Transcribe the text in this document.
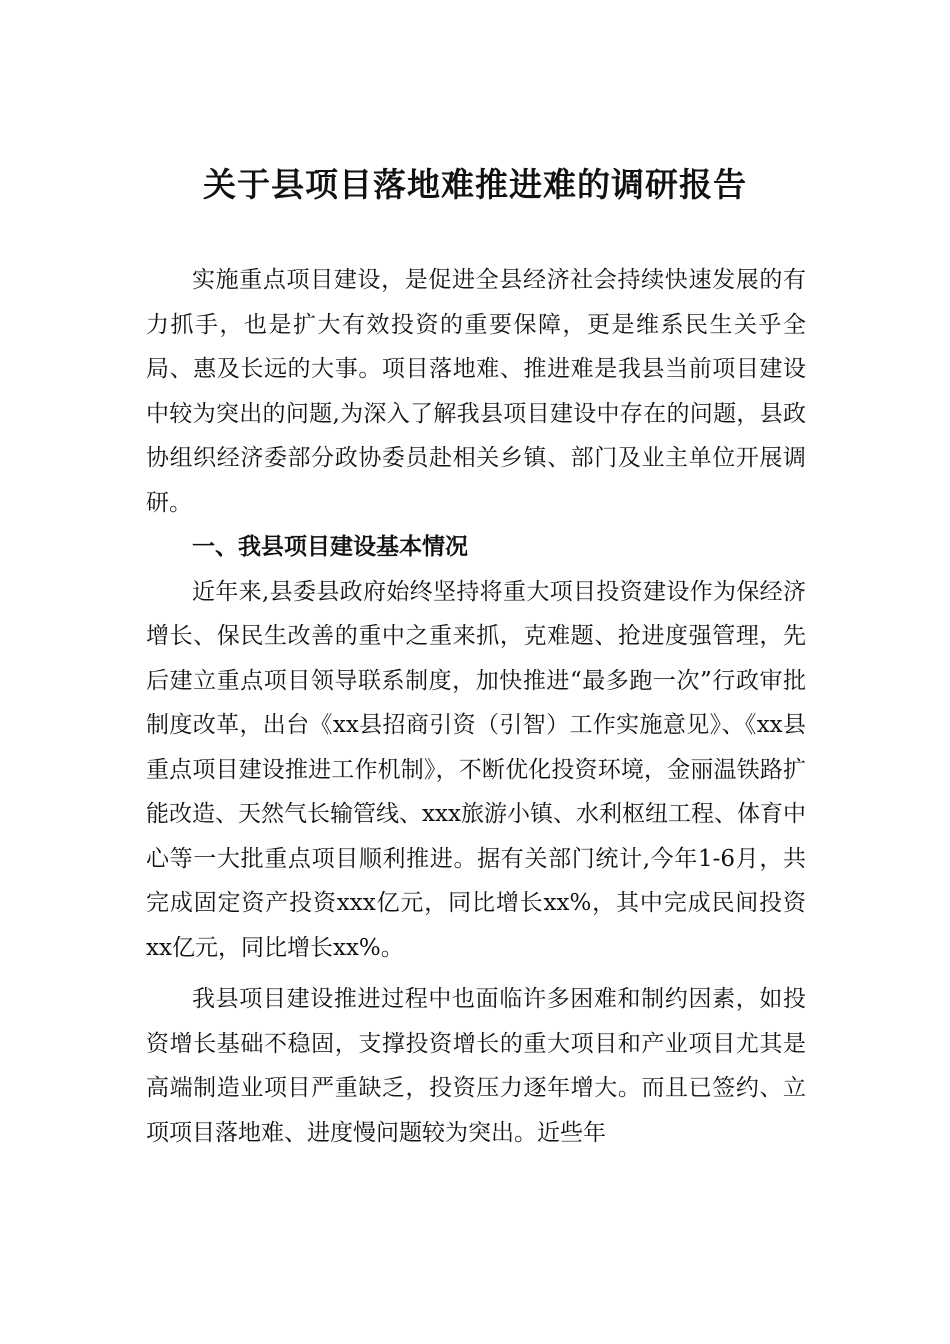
关于县项目落地难推进难的调研报告

实施重点项目建设，是促进全县经济社会持续快速发展的有力抓手，也是扩大有效投资的重要保障，更是维系民生关乎全局、惠及长远的大事。项目落地难、推进难是我县当前项目建设中较为突出的问题,为深入了解我县项目建设中存在的问题，县政协组织经济委部分政协委员赴相关乡镇、部门及业主单位开展调研。

一、我县项目建设基本情况

近年来,县委县政府始终坚持将重大项目投资建设作为保经济增长、保民生改善的重中之重来抓，克难题、抢进度强管理，先后建立重点项目领导联系制度，加快推进“最多跑一次”行政审批制度改革，出台《xx县招商引资（引智）工作实施意见》、《xx县重点项目建设推进工作机制》，不断优化投资环境，金丽温铁路扩能改造、天然气长输管线、xxx旅游小镇、水利枢纽工程、体育中心等一大批重点项目顺利推进。据有关部门统计,今年1-6月，共完成固定资产投资xxx亿元，同比增长xx%，其中完成民间投资xx亿元，同比增长xx%。

我县项目建设推进过程中也面临许多困难和制约因素，如投资增长基础不稳固，支撑投资增长的重大项目和产业项目尤其是高端制造业项目严重缺乏，投资压力逐年增大。而且已签约、立项项目落地难、进度慢问题较为突出。近些年
